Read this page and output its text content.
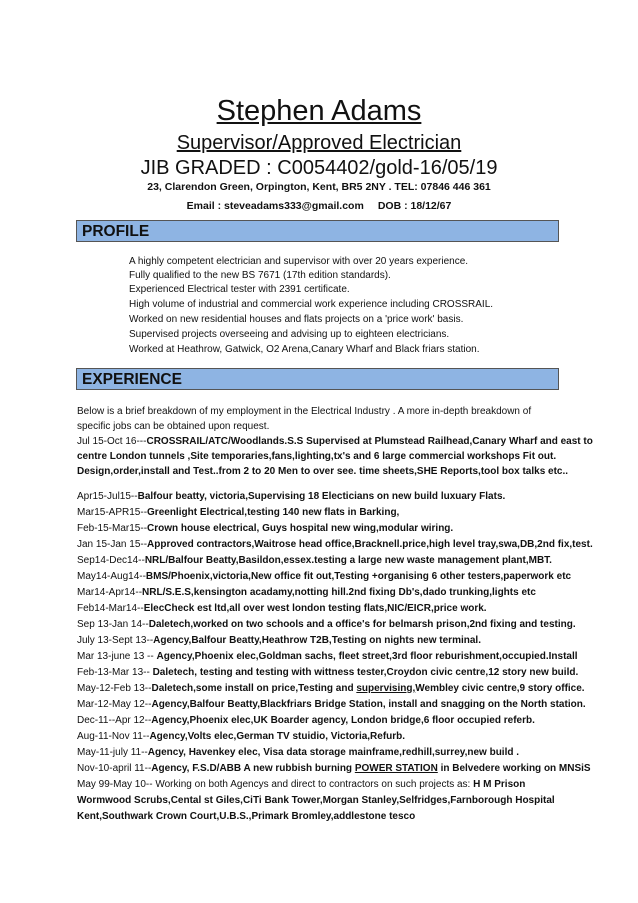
Stephen Adams
Supervisor/Approved Electrician
JIB GRADED : C0054402/gold-16/05/19
23, Clarendon Green, Orpington, Kent, BR5 2NY . TEL: 07846 446 361
Email : steveadams333@gmail.com DOB : 18/12/67
PROFILE
A highly competent electrician and supervisor with over 20 years experience.
Fully qualified to the new BS 7671 (17th edition standards).
Experienced Electrical tester with 2391 certificate.
High volume of industrial and commercial work experience including CROSSRAIL.
Worked on new residential houses and flats projects on a 'price work' basis.
Supervised projects overseeing and advising up to eighteen electricians.
Worked at Heathrow, Gatwick, O2 Arena,Canary Wharf and Black friars station.
EXPERIENCE
Below is a brief breakdown of my employment in the Electrical Industry . A more in-depth breakdown of
specific jobs can be obtained upon request.
Jul 15-Oct 16---CROSSRAIL/ATC/Woodlands.S.S Supervised at Plumstead Railhead,Canary Wharf and east to
centre London tunnels ,Site temporaries,fans,lighting,tx's and 6 large commercial workshops Fit out.
Design,order,install and Test..from 2 to 20 Men to over see. time sheets,SHE Reports,tool box talks etc..
Apr15-Jul15--Balfour beatty, victoria,Supervising 18 Electicians on new build luxuary Flats.
Mar15-APR15--Greenlight Electrical,testing 140 new flats in Barking,
Feb-15-Mar15--Crown house electrical, Guys hospital new wing,modular wiring.
Jan 15-Jan 15--Approved contractors,Waitrose head office,Bracknell.price,high level tray,swa,DB,2nd fix,test.
Sep14-Dec14--NRL/Balfour Beatty,Basildon,essex.testing a large new waste management plant,MBT.
May14-Aug14--BMS/Phoenix,victoria,New office fit out,Testing +organising 6 other testers,paperwork etc
Mar14-Apr14--NRL/S.E.S,kensington acadamy,notting hill.2nd fixing Db's,dado trunking,lights etc
Feb14-Mar14--ElecCheck est ltd,all over west london testing flats,NIC/EICR,price work.
Sep 13-Jan 14--Daletech,worked on two schools and a office's for belmarsh prison,2nd fixing and testing.
July 13-Sept 13--Agency,Balfour Beatty,Heathrow T2B,Testing on nights new terminal.
Mar 13-june 13 -- Agency,Phoenix elec,Goldman sachs, fleet street,3rd floor reburishment,occupied.Install
Feb-13-Mar 13-- Daletech, testing and testing with wittness tester,Croydon civic centre,12 story new build.
May-12-Feb 13--Daletech,some install on price,Testing and supervising,Wembley civic centre,9 story office.
Mar-12-May 12--Agency,Balfour Beatty,Blackfriars Bridge Station, install and snagging on the North station.
Dec-11--Apr 12--Agency,Phoenix elec,UK Boarder agency, London bridge,6 floor occupied referb.
Aug-11-Nov 11--Agency,Volts elec,German TV stuidio, Victoria,Refurb.
May-11-july 11--Agency, Havenkey elec, Visa data storage mainframe,redhill,surrey,new build .
Nov-10-april 11--Agency, F.S.D/ABB A new rubbish burning POWER STATION in Belvedere working on MNSiS
May 99-May 10-- Working on both Agencys and direct to contractors on such projects as: H M Prison
Wormwood Scrubs,Cental st Giles,CiTi Bank Tower,Morgan Stanley,Selfridges,Farnborough Hospital
Kent,Southwark Crown Court,U.B.S.,Primark Bromley,addlestone tesco
